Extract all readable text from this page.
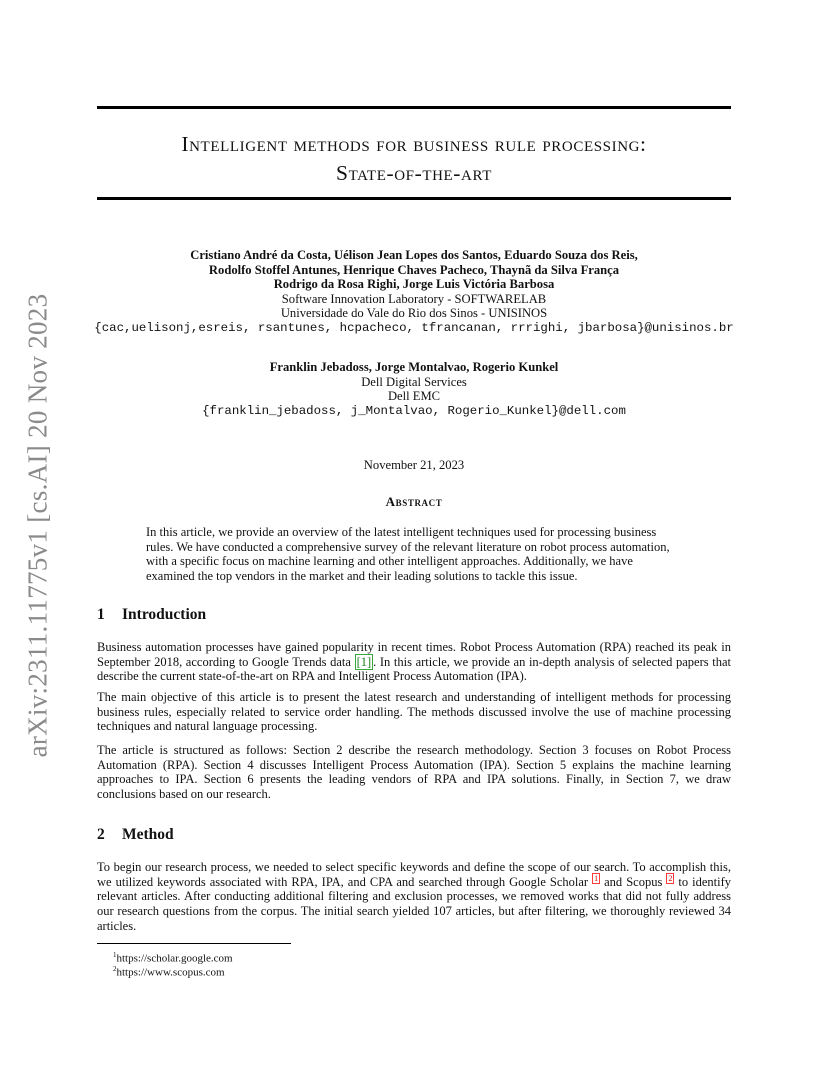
arXiv:2311.11775v1 [cs.AI] 20 Nov 2023
Intelligent methods for business rule processing:
State-of-the-art
Cristiano André da Costa, Uélison Jean Lopes dos Santos, Eduardo Souza dos Reis,
Rodolfo Stoffel Antunes, Henrique Chaves Pacheco, Thaynã da Silva França
Rodrigo da Rosa Righi, Jorge Luis Victória Barbosa
Software Innovation Laboratory - SOFTWARELAB
Universidade do Vale do Rio dos Sinos - UNISINOS
{cac,uelisonj,esreis, rsantunes, hcpacheco, tfrancanan, rrrighi, jbarbosa}@unisinos.br
Franklin Jebadoss, Jorge Montalvao, Rogerio Kunkel
Dell Digital Services
Dell EMC
{franklin_jebadoss, j_Montalvao, Rogerio_Kunkel}@dell.com
November 21, 2023
Abstract
In this article, we provide an overview of the latest intelligent techniques used for processing business rules. We have conducted a comprehensive survey of the relevant literature on robot process automation, with a specific focus on machine learning and other intelligent approaches. Additionally, we have examined the top vendors in the market and their leading solutions to tackle this issue.
1 Introduction
Business automation processes have gained popularity in recent times. Robot Process Automation (RPA) reached its peak in September 2018, according to Google Trends data [1] . In this article, we provide an in-depth analysis of selected papers that describe the current state-of-the-art on RPA and Intelligent Process Automation (IPA).
The main objective of this article is to present the latest research and understanding of intelligent methods for processing business rules, especially related to service order handling. The methods discussed involve the use of machine processing techniques and natural language processing.
The article is structured as follows: Section 2 describe the research methodology. Section 3 focuses on Robot Process Automation (RPA). Section 4 discusses Intelligent Process Automation (IPA). Section 5 explains the machine learning approaches to IPA. Section 6 presents the leading vendors of RPA and IPA solutions. Finally, in Section 7, we draw conclusions based on our research.
2 Method
To begin our research process, we needed to select specific keywords and define the scope of our search. To accomplish this, we utilized keywords associated with RPA, IPA, and CPA and searched through Google Scholar $^1$ and Scopus $^2$ to identify relevant articles. After conducting additional filtering and exclusion processes, we removed works that did not fully address our research questions from the corpus. The initial search yielded 107 articles, but after filtering, we thoroughly reviewed 34 articles.
$^1$https://scholar.google.com
$^2$https://www.scopus.com
